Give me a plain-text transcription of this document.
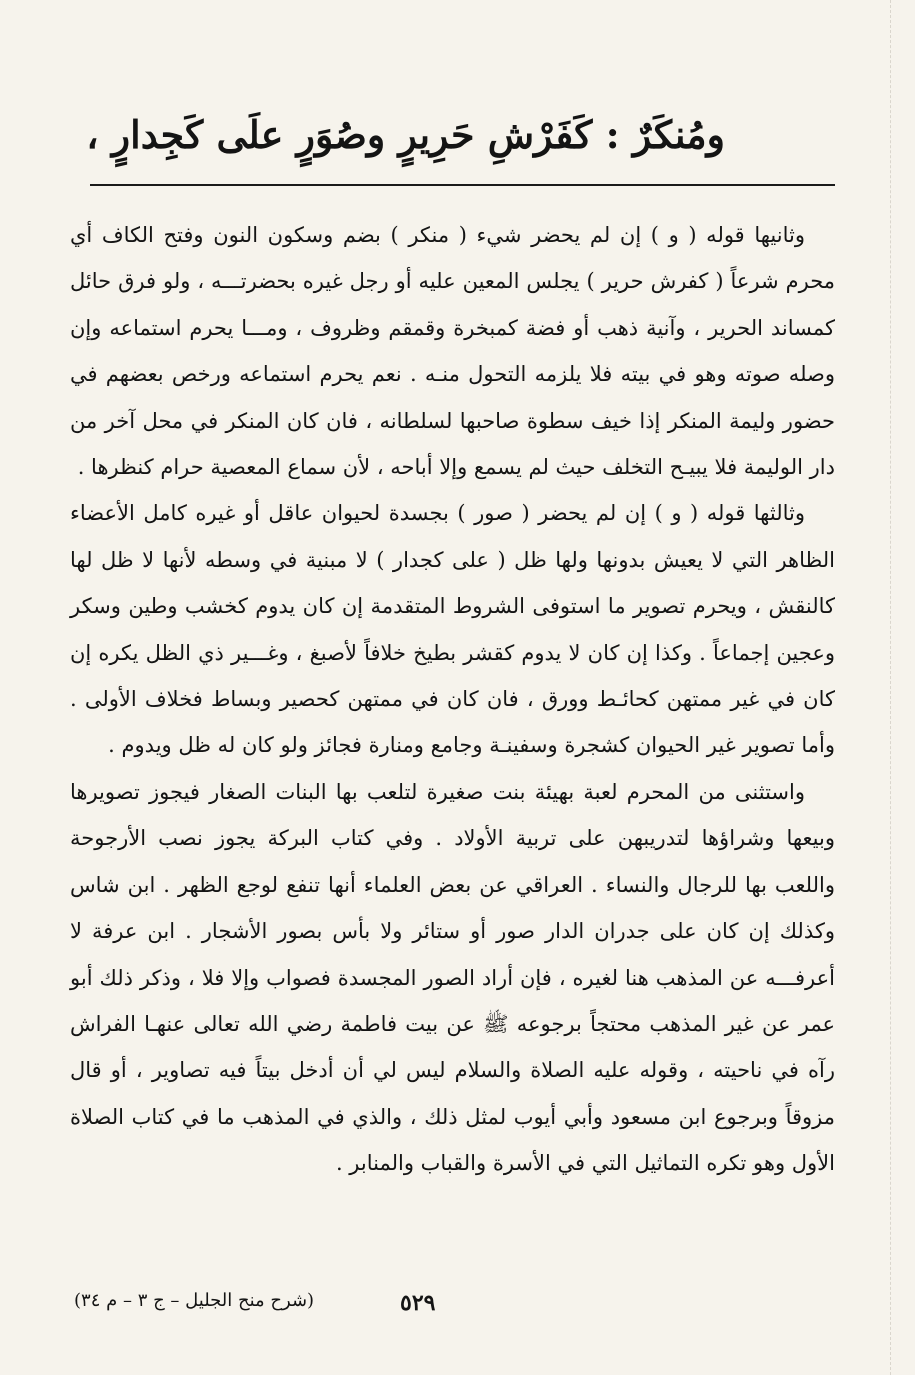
ومُنكَرٌ : كَفَرْشِ حَرِيرٍ وصُوَرٍ علَى كَجِدارٍ ،

وثانيها قوله ( و ) إن لم يحضر شيء ( منكر ) بضم وسكون النون وفتح الكاف أي محرم شرعاً ( كفرش حرير ) يجلس المعين عليه أو رجل غيره بحضرتـــه ، ولو فرق حائل كمساند الحرير ، وآنية ذهب أو فضة كمبخرة وقمقم وظروف ، ومـــا يحرم استماعه وإن وصله صوته وهو في بيته فلا يلزمه التحول منـه . نعم يحرم استماعه ورخص بعضهم في حضور وليمة المنكر إذا خيف سطوة صاحبها لسلطانه ، فان كان المنكر في محل آخر من دار الوليمة فلا يبيـح التخلف حيث لم يسمع وإلا أباحه ، لأن سماع المعصية حرام كنظرها .

وثالثها قوله ( و ) إن لم يحضر ( صور ) بجسدة لحيوان عاقل أو غيره كامل الأعضاء الظاهر التي لا يعيش بدونها ولها ظل ( على كجدار ) لا مبنية في وسطه لأنها لا ظل لها كالنقش ، ويحرم تصوير ما استوفى الشروط المتقدمة إن كان يدوم كخشب وطين وسكر وعجين إجماعاً . وكذا إن كان لا يدوم كقشر بطيخ خلافاً لأصبغ ، وغـــير ذي الظل يكره إن كان في غير ممتهن كحائـط وورق ، فان كان في ممتهن كحصير وبساط فخلاف الأولى . وأما تصوير غير الحيوان كشجرة وسفينـة وجامع ومنارة فجائز ولو كان له ظل ويدوم .

واستثنى من المحرم لعبة بهيئة بنت صغيرة لتلعب بها البنات الصغار فيجوز تصويرها وبيعها وشراؤها لتدريبهن على تربية الأولاد . وفي كتاب البركة يجوز نصب الأرجوحة واللعب بها للرجال والنساء . العراقي عن بعض العلماء أنها تنفع لوجع الظهر . ابن شاس وكذلك إن كان على جدران الدار صور أو ستائر ولا بأس بصور الأشجار . ابن عرفة لا أعرفـــه عن المذهب هنا لغيره ، فإن أراد الصور المجسدة فصواب وإلا فلا ، وذكر ذلك أبو عمر عن غير المذهب محتجاً برجوعه ﷺ عن بيت فاطمة رضي الله تعالى عنهـا الفراش رآه في ناحيته ، وقوله عليه الصلاة والسلام ليس لي أن أدخل بيتاً فيه تصاوير ، أو قال مزوقاً وبرجوع ابن مسعود وأبي أيوب لمثل ذلك ، والذي في المذهب ما في كتاب الصلاة الأول وهو تكره التماثيل التي في الأسرة والقباب والمنابر .

٥٢٩
(شرح منح الجليل – ج ٣ – م ٣٤)
